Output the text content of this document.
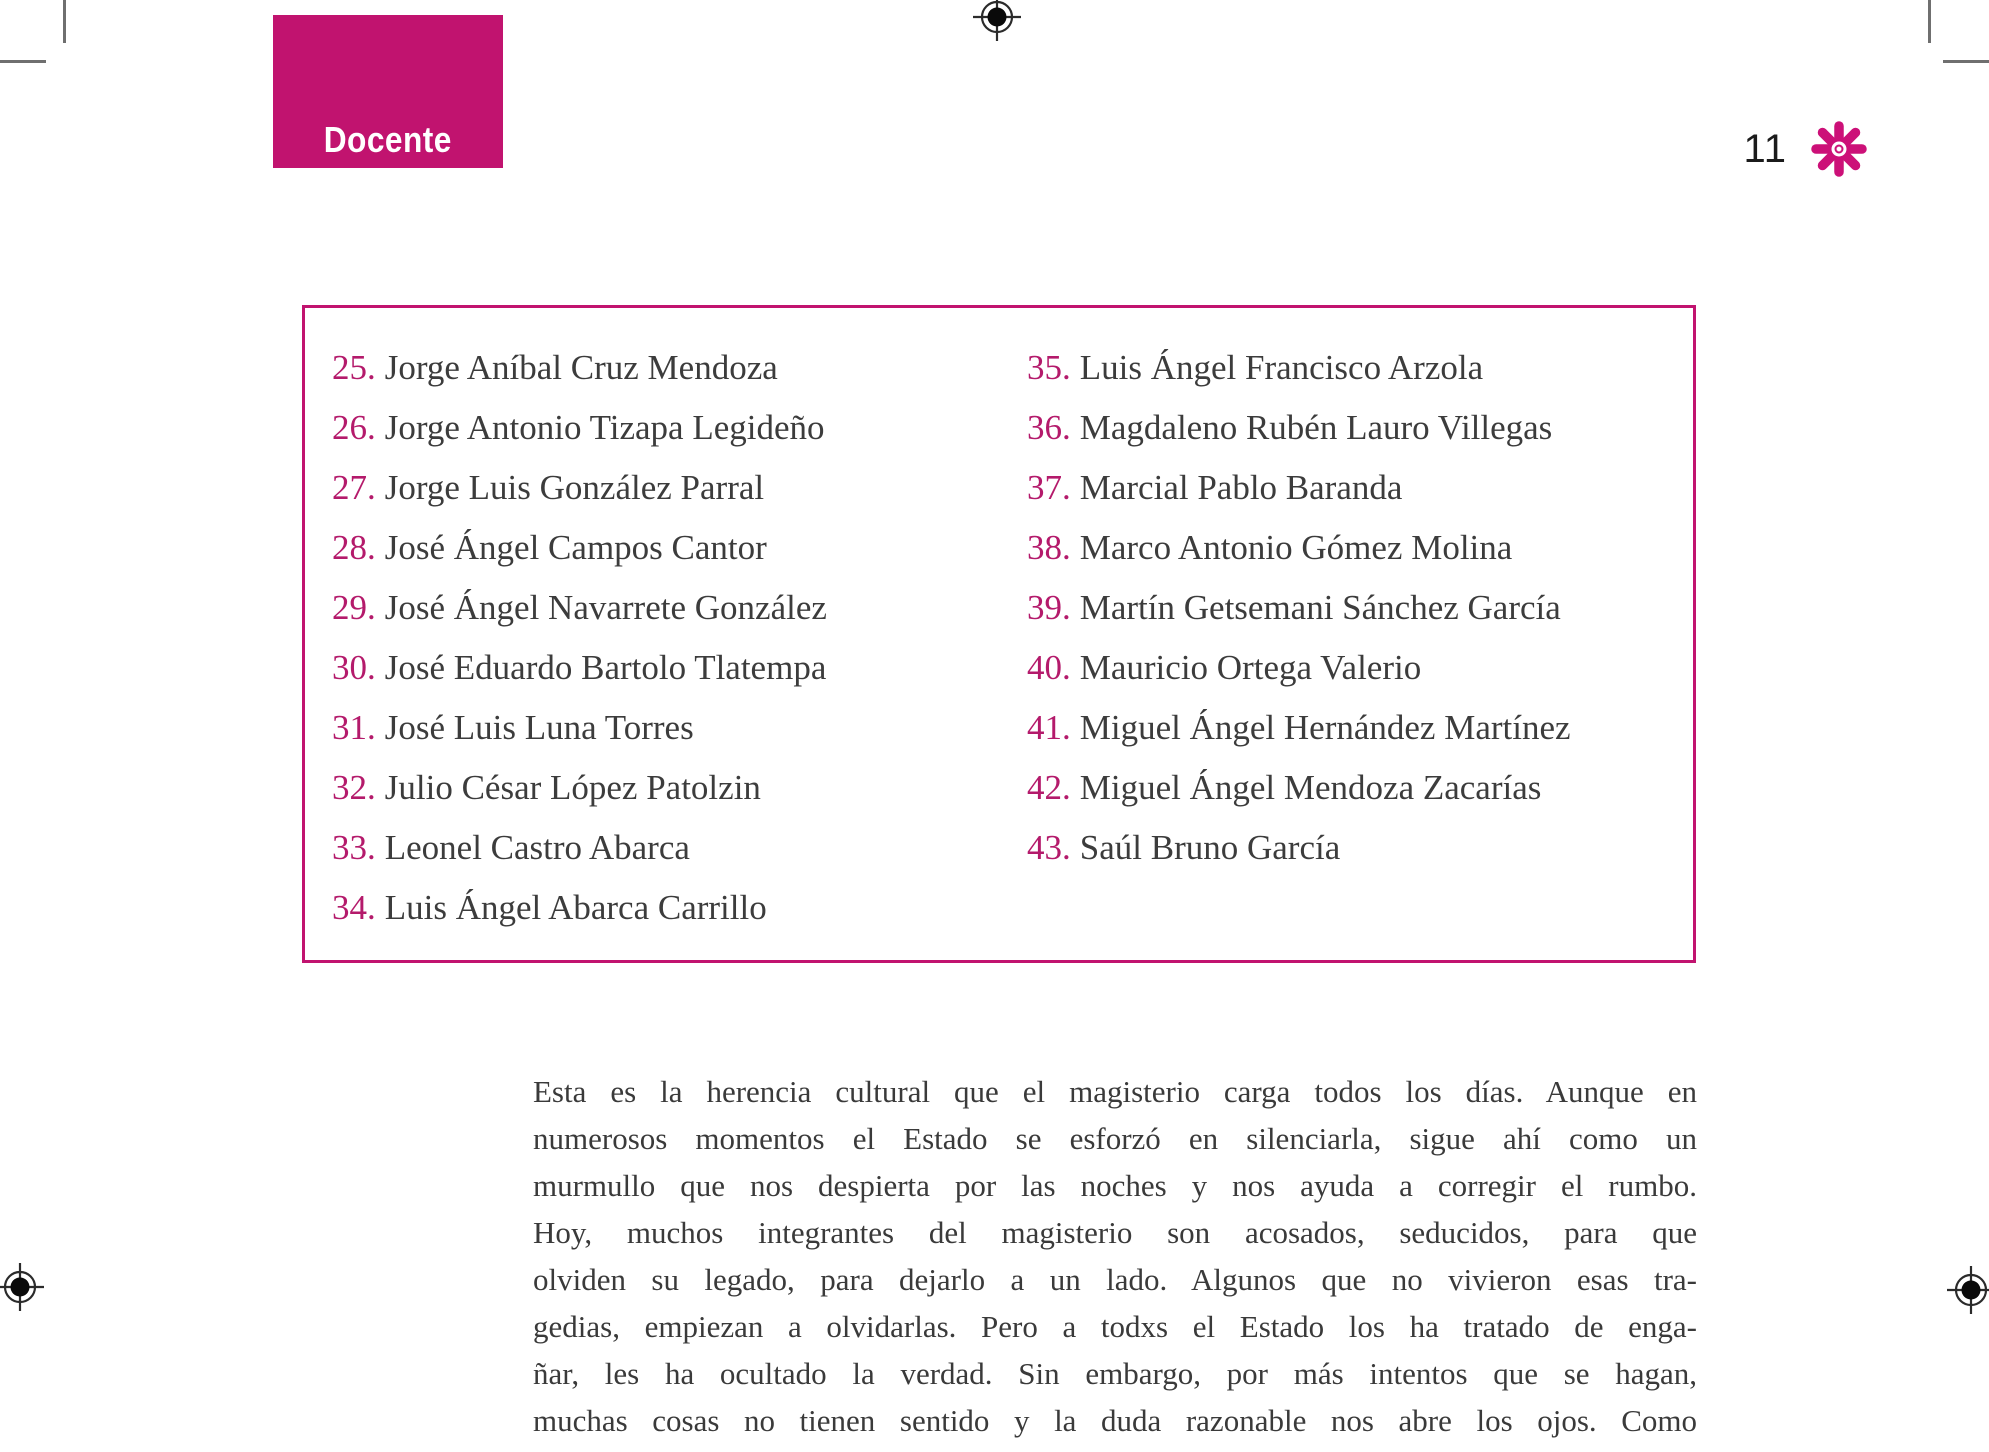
Docente	11
25. Jorge Aníbal Cruz Mendoza
26. Jorge Antonio Tizapa Legideño
27. Jorge Luis González Parral
28. José Ángel Campos Cantor
29. José Ángel Navarrete González
30. José Eduardo Bartolo Tlatempa
31. José Luis Luna Torres
32. Julio César López Patolzin
33. Leonel Castro Abarca
34. Luis Ángel Abarca Carrillo
35. Luis Ángel Francisco Arzola
36. Magdaleno Rubén Lauro Villegas
37. Marcial Pablo Baranda
38. Marco Antonio Gómez Molina
39. Martín Getsemani Sánchez García
40. Mauricio Ortega Valerio
41. Miguel Ángel Hernández Martínez
42. Miguel Ángel Mendoza Zacarías
43. Saúl Bruno García
Esta es la herencia cultural que el magisterio carga todos los días. Aunque en
numerosos momentos el Estado se esforzó en silenciarla, sigue ahí como un
murmullo que nos despierta por las noches y nos ayuda a corregir el rumbo.
Hoy, muchos integrantes del magisterio son acosados, seducidos, para que
olviden su legado, para dejarlo a un lado. Algunos que no vivieron esas tra-
gedias, empiezan a olvidarlas. Pero a todxs el Estado los ha tratado de enga-
ñar, les ha ocultado la verdad. Sin embargo, por más intentos que se hagan,
muchas cosas no tienen sentido y la duda razonable nos abre los ojos. Como
